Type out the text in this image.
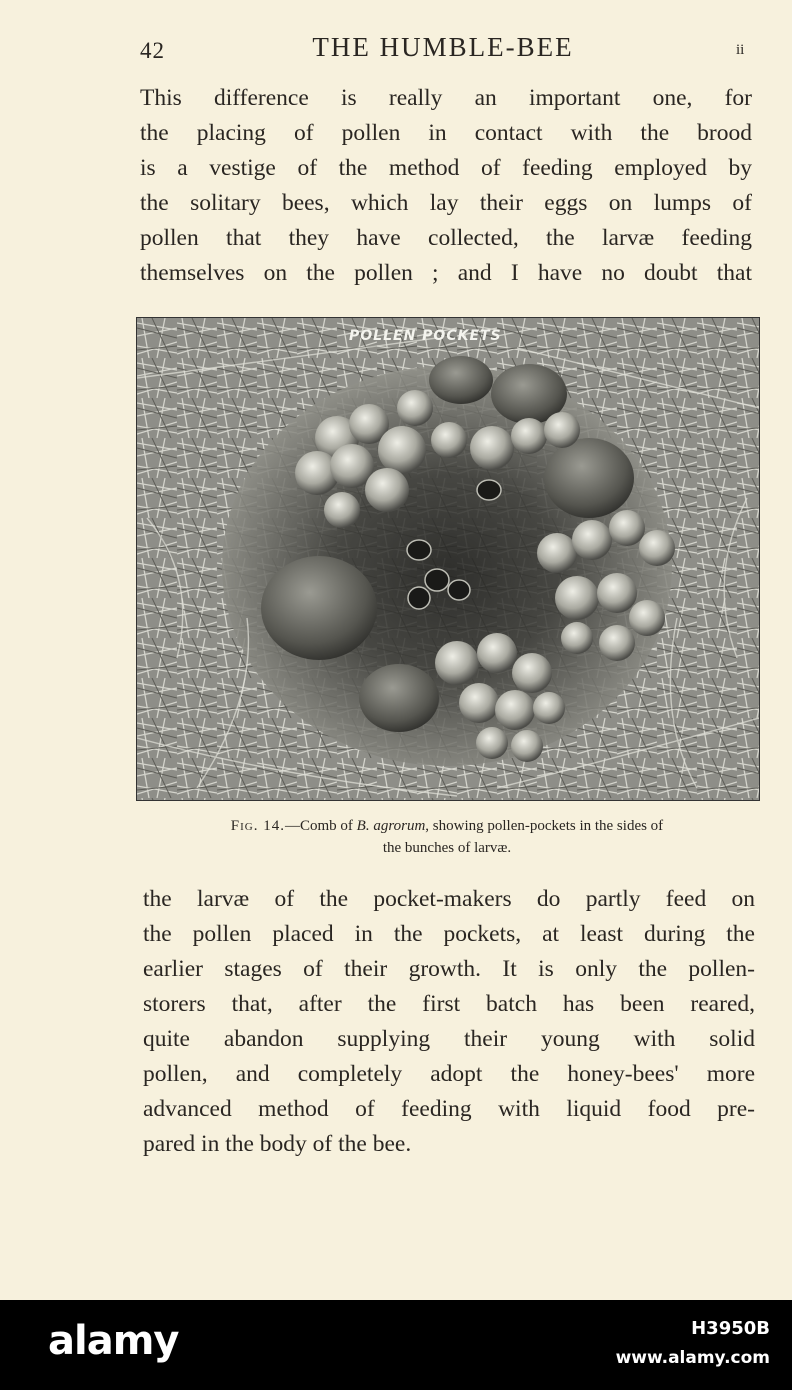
42	THE HUMBLE-BEE	ii

This difference is really an important one, for
the placing of pollen in contact with the brood
is a vestige of the method of feeding employed by
the solitary bees, which lay their eggs on lumps of
pollen that they have collected, the larvæ feeding
themselves on the pollen ; and I have no doubt that

POLLEN POCKETS
Fig. 14.—Comb of B. agrorum, showing pollen-pockets in the sides of
the bunches of larvæ.

the larvæ of the pocket-makers do partly feed on
the pollen placed in the pockets, at least during the
earlier stages of their growth. It is only the pollen-
storers that, after the first batch has been reared,
quite abandon supplying their young with solid
pollen, and completely adopt the honey-bees' more
advanced method of feeding with liquid food pre-
pared in the body of the bee.

alamy	H3950B
www.alamy.com
